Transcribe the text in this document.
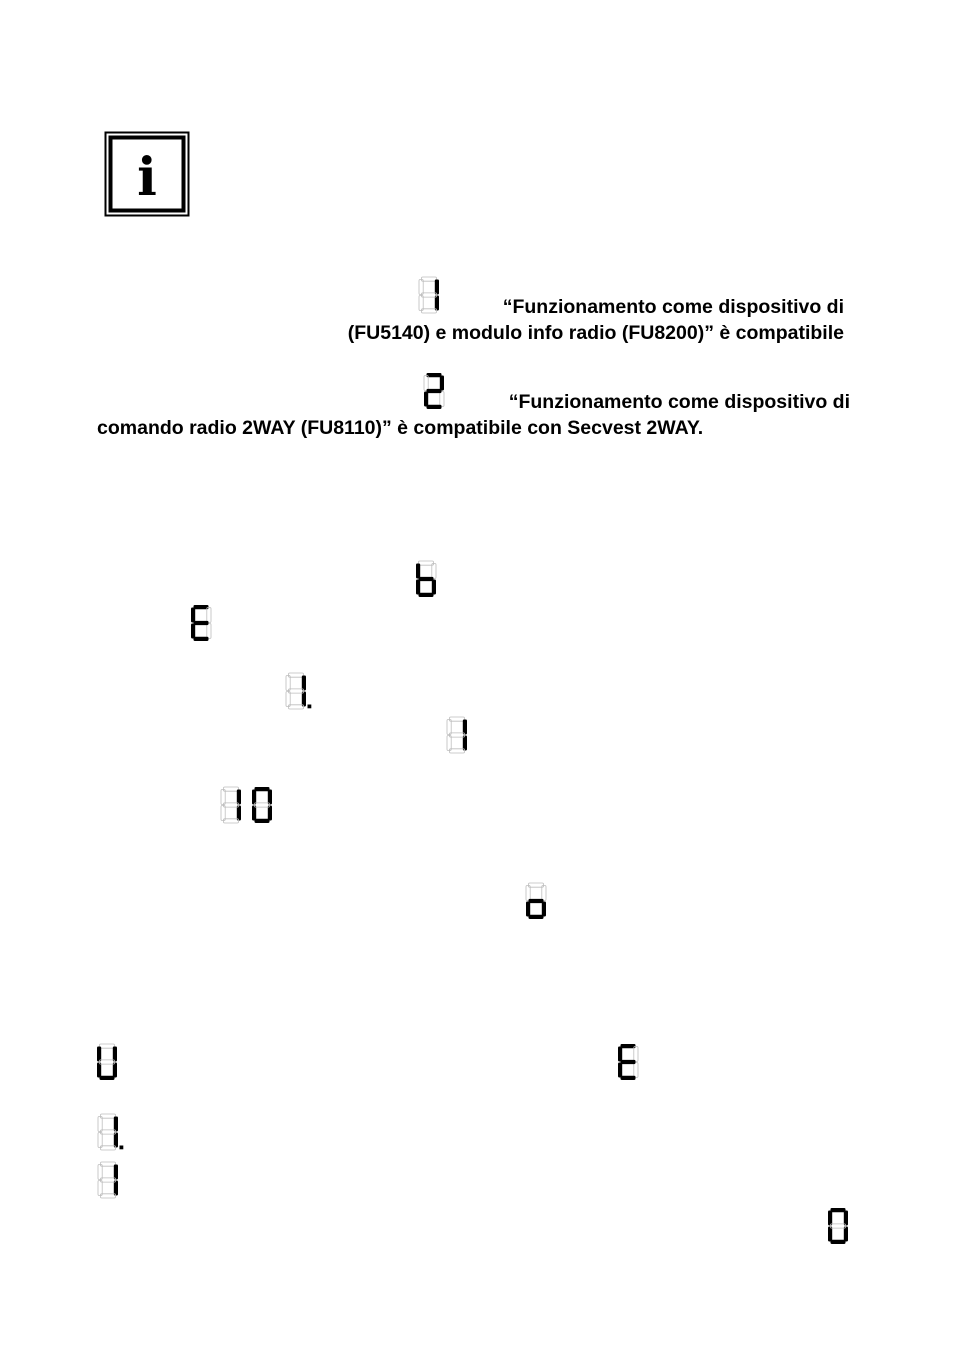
i

“Funzionamento come dispositivo di

(FU5140) e modulo info radio (FU8200)” è compatibile

“Funzionamento come dispositivo di

comando radio 2WAY (FU8110)” è compatibile con Secvest 2WAY.
